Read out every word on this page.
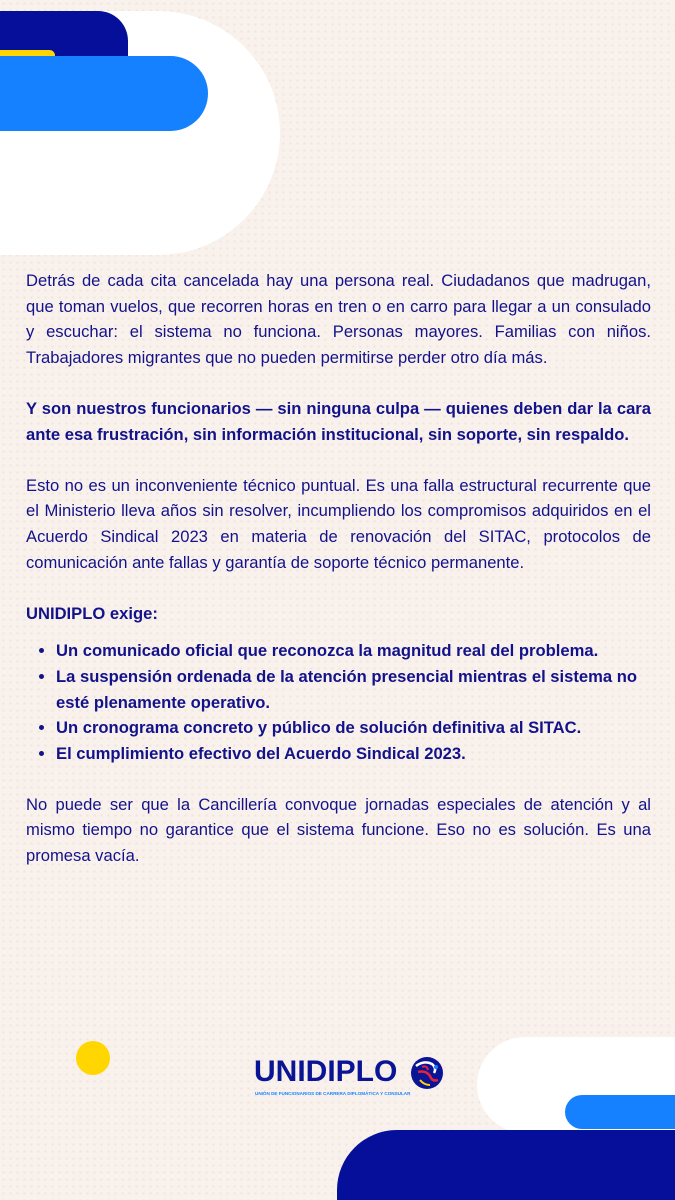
Detrás de cada cita cancelada hay una persona real. Ciudadanos que madrugan, que toman vuelos, que recorren horas en tren o en carro para llegar a un consulado y escuchar: el sistema no funciona. Personas mayores. Familias con niños. Trabajadores migrantes que no pueden permitirse perder otro día más.

Y son nuestros funcionarios — sin ninguna culpa — quienes deben dar la cara ante esa frustración, sin información institucional, sin soporte, sin respaldo.

Esto no es un inconveniente técnico puntual. Es una falla estructural recurrente que el Ministerio lleva años sin resolver, incumpliendo los compromisos adquiridos en el Acuerdo Sindical 2023 en materia de renovación del SITAC, protocolos de comunicación ante fallas y garantía de soporte técnico permanente.

UNIDIPLO exige:

• Un comunicado oficial que reconozca la magnitud real del problema.
• La suspensión ordenada de la atención presencial mientras el sistema no esté plenamente operativo.
• Un cronograma concreto y público de solución definitiva al SITAC.
• El cumplimiento efectivo del Acuerdo Sindical 2023.

No puede ser que la Cancillería convoque jornadas especiales de atención y al mismo tiempo no garantice que el sistema funcione. Eso no es solución. Es una promesa vacía.

UNIDIPLO
UNIÓN DE FUNCIONARIOS DE CARRERA DIPLOMÁTICA Y CONSULAR
